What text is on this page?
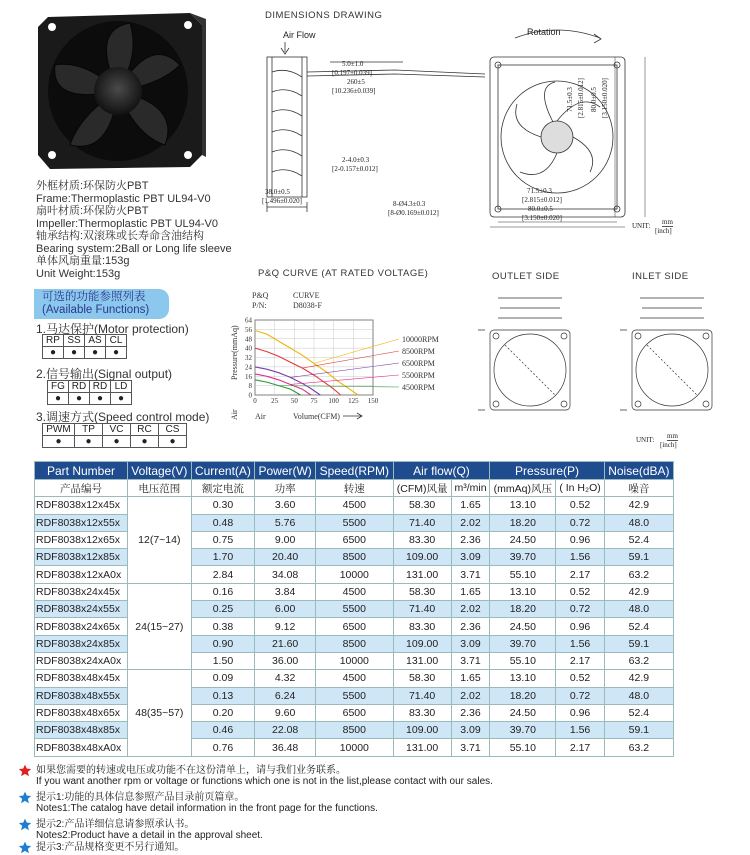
DIMENSIONS DRAWING
Air Flow	Rotation
5.0±1.0
[0.197±0.039]
260±5
[10.236±0.039]
2-4.0±0.3
[2-0.157±0.012]
38.0±0.5
[1.496±0.020]	8-Ø4.3±0.3
[8-Ø0.169±0.012]
71.5±0.3
[2.815±0.012]
80.0±0.5
[3.150±0.020]
71.5±0.3 [2.815±0.012] 80.0±0.5 [3.150±0.020]
UNIT: mm
[inch]
外框材质:环保防火PBT
Frame:Thermoplastic PBT UL94-V0
扇叶材质:环保防火PBT
Impeller:Thermoplastic PBT UL94-V0
轴承结构:双滚珠或长寿命含油结构
Bearing system:2Ball or Long life sleeve
单体风扇重量:153g
Unit Weight:153g
可选的功能参照列表
(Available Functions)
1.马达保护(Motor protection)
RP	SS	AS	CL
●	●	●	●
2.信号输出(Signal output)
FG	RD	RD	LD
●	●	●	●
3.调速方式(Speed control mode)
PWM	TP	VC	RC	CS
●	●	●	●	●
P&Q CURVE (AT RATED VOLTAGE)
P&Q
P/N:
CURVE
D8038-F
0 25 50 75 100 125 150
0
8
16
24
32
40
48
56
64
10000RPM
8500RPM
6500RPM
5500RPM
4500RPM
Pressure(mmAq)
Air Air	Volume(CFM)
OUTLET SIDE	INLET SIDE
UNIT: mm
[inch]
Part Number	Voltage(V)	Current(A)	Power(W)	Speed(RPM)	Air flow(Q)		Pressure(P)		Noise(dBA)
产品编号	电压范围	额定电流	功率	转速	(CFM)风量	m³/min	(mmAq)风压	( In H₂O)	噪音
RDF8038x12x45x	12(7~14)	0.30	3.60	4500	58.30	1.65	13.10	0.52	42.9
RDF8038x12x55x		0.48	5.76	5500	71.40	2.02	18.20	0.72	48.0
RDF8038x12x65x		0.75	9.00	6500	83.30	2.36	24.50	0.96	52.4
RDF8038x12x85x		1.70	20.40	8500	109.00	3.09	39.70	1.56	59.1
RDF8038x12xA0x		2.84	34.08	10000	131.00	3.71	55.10	2.17	63.2
RDF8038x24x45x	24(15~27)	0.16	3.84	4500	58.30	1.65	13.10	0.52	42.9
RDF8038x24x55x		0.25	6.00	5500	71.40	2.02	18.20	0.72	48.0
RDF8038x24x65x		0.38	9.12	6500	83.30	2.36	24.50	0.96	52.4
RDF8038x24x85x		0.90	21.60	8500	109.00	3.09	39.70	1.56	59.1
RDF8038x24xA0x		1.50	36.00	10000	131.00	3.71	55.10	2.17	63.2
RDF8038x48x45x	48(35~57)	0.09	4.32	4500	58.30	1.65	13.10	0.52	42.9
RDF8038x48x55x		0.13	6.24	5500	71.40	2.02	18.20	0.72	48.0
RDF8038x48x65x		0.20	9.60	6500	83.30	2.36	24.50	0.96	52.4
RDF8038x48x85x		0.46	22.08	8500	109.00	3.09	39.70	1.56	59.1
RDF8038x48xA0x		0.76	36.48	10000	131.00	3.71	55.10	2.17	63.2
如果您需要的转速或电压或功能不在这份清单上，请与我们业务联系。
If you want another rpm or voltage or functions which one is not in the list,please contact with our sales.
提示1:功能的具体信息参照产品目录前页篇章。
Notes1:The catalog have detail information in the front page for the functions.
提示2:产品详细信息请参照承认书。
Notes2:Product have a detail in the approval sheet.
提示3:产品规格变更不另行通知。
